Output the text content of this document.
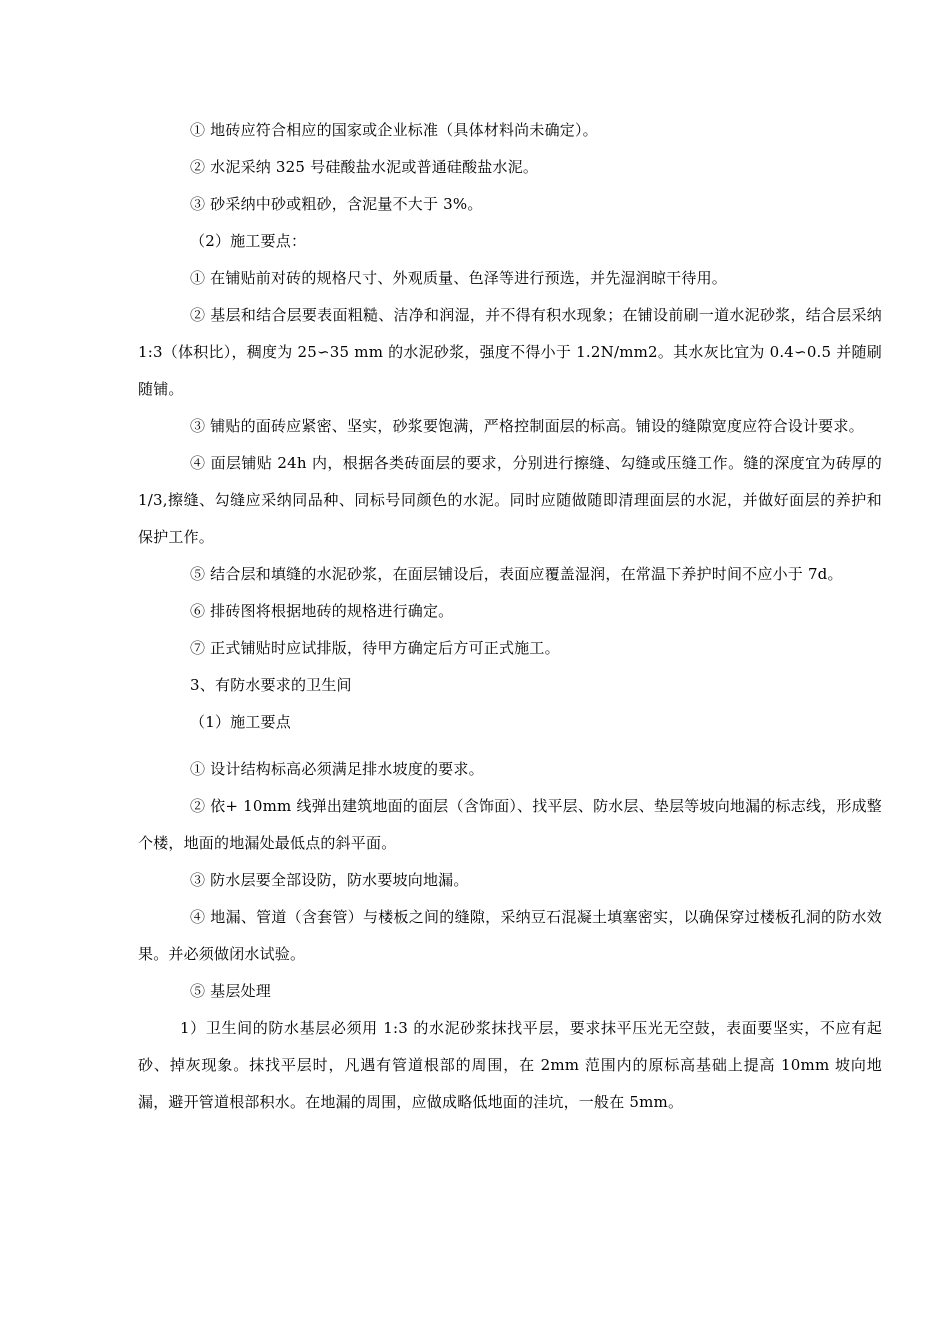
① 地砖应符合相应的国家或企业标准（具体材料尚未确定）。

② 水泥采纳 325 号硅酸盐水泥或普通硅酸盐水泥。

③ 砂采纳中砂或粗砂，含泥量不大于 3%。

（2）施工要点：

① 在铺贴前对砖的规格尺寸、外观质量、色泽等进行预选，并先湿润晾干待用。

② 基层和结合层要表面粗糙、洁净和润湿，并不得有积水现象；在铺设前刷一道水泥砂浆，结合层采纳 1:3（体积比），稠度为 25∽35 mm 的水泥砂浆，强度不得小于 1.2N/mm2。其水灰比宜为 0.4∽0.5 并随刷随铺。

③ 铺贴的面砖应紧密、坚实，砂浆要饱满，严格控制面层的标高。铺设的缝隙宽度应符合设计要求。

④ 面层铺贴 24h 内，根据各类砖面层的要求，分别进行擦缝、勾缝或压缝工作。缝的深度宜为砖厚的 1/3,擦缝、勾缝应采纳同品种、同标号同颜色的水泥。同时应随做随即清理面层的水泥，并做好面层的养护和保护工作。

⑤ 结合层和填缝的水泥砂浆，在面层铺设后，表面应覆盖湿润，在常温下养护时间不应小于 7d。

⑥ 排砖图将根据地砖的规格进行确定。

⑦ 正式铺贴时应试排版，待甲方确定后方可正式施工。

3、有防水要求的卫生间

（1）施工要点

① 设计结构标高必须满足排水坡度的要求。

② 依+ 10mm 线弹出建筑地面的面层（含饰面）、找平层、防水层、垫层等坡向地漏的标志线，形成整个楼，地面的地漏处最低点的斜平面。

③ 防水层要全部设防，防水要坡向地漏。

④ 地漏、管道（含套管）与楼板之间的缝隙，采纳豆石混凝土填塞密实，以确保穿过楼板孔洞的防水效果。并必须做闭水试验。

⑤ 基层处理

1）卫生间的防水基层必须用 1:3 的水泥砂浆抹找平层，要求抹平压光无空鼓，表面要坚实，不应有起砂、掉灰现象。抹找平层时，凡遇有管道根部的周围，在 2mm 范围内的原标高基础上提高 10mm 坡向地漏，避开管道根部积水。在地漏的周围，应做成略低地面的洼坑，一般在 5mm。
